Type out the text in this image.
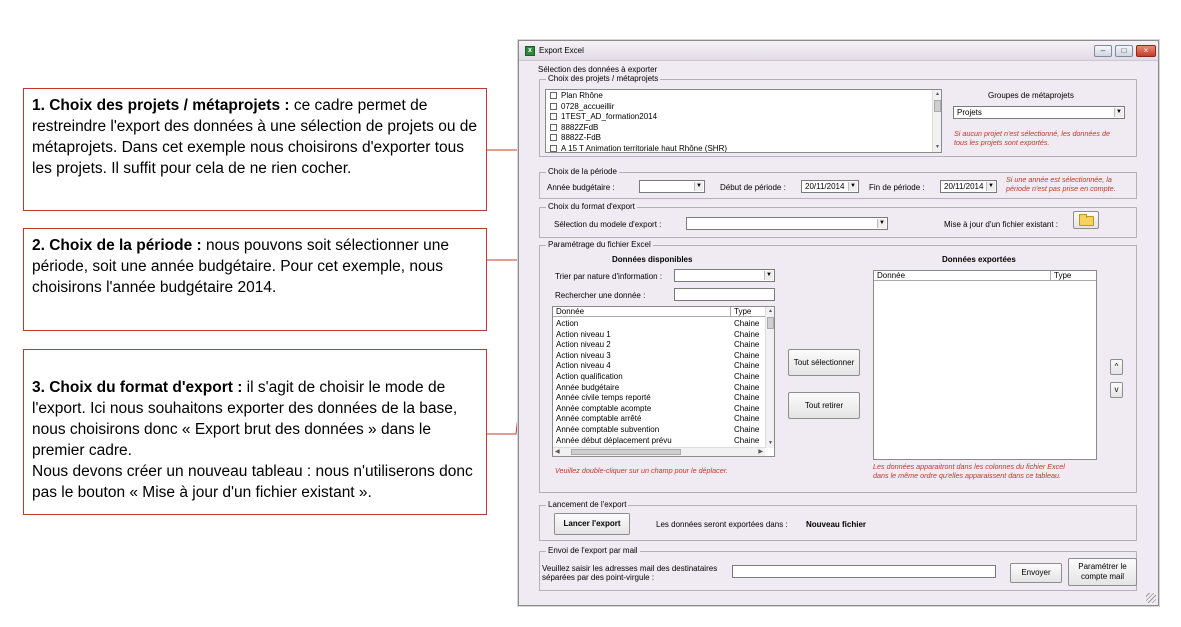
1. Choix des projets / métaprojets : ce cadre permet de restreindre l'export des données à une sélection de projets ou de métaprojets. Dans cet exemple nous choisirons d'exporter tous les projets. Il suffit pour cela de ne rien cocher.
2. Choix de la période : nous pouvons soit sélectionner une période, soit une année budgétaire. Pour cet exemple, nous choisirons l'année budgétaire 2014.

3. Choix du format d'export : il s'agit de choisir le mode de l'export. Ici nous souhaitons exporter des données de la base, nous choisirons donc « Export brut des données » dans le premier cadre.
Nous devons créer un nouveau tableau : nous n'utiliserons donc pas le bouton « Mise à jour d'un fichier existant ».

x Export Excel	–	□	×
Sélection des données à exporter
Choix des projets / métaprojets
Plan Rhône
0728_accueillir
1TEST_AD_formation2014
8882ZFdB
8882Z-FdB
A 15 T Animation territoriale haut Rhône (SHR)
▲
▼
Groupes de métaprojets
Projets	▼
Si aucun projet n'est sélectionné, les données de
tous les projets sont exportés.
Choix de la période
Année budgétaire :	▼ Début de période : 20/11/2014 ▼ Fin de période : 20/11/2014 ▼
Si une année est sélectionnée, la
période n'est pas prise en compte.
Choix du format d'export
Sélection du modele d'export :	▼	Mise à jour d'un fichier existant :
Paramétrage du fichier Excel
Données disponibles
Trier par nature d'information :	▼
Rechercher une donnée :
Donnée	Type
Action	Chaine
Action niveau 1	Chaine
Action niveau 2	Chaine
Action niveau 3	Chaine
Action niveau 4	Chaine
Action qualification	Chaine
Année budgétaire	Chaine
Année civile temps reporté	Chaine
Année comptable acompte	Chaine
Année comptable arrêté	Chaine
Année comptable subvention	Chaine
Année début déplacement prévu	Chaine
▲
▼
◀	▶
Tout sélectionner
Tout retirer
Données exportées
Donnée	Type
^
v
Veuillez double-cliquer sur un champ pour le déplacer.	Les données apparaitront dans les colonnes du fichier Excel
dans le même ordre qu'elles apparaissent dans ce tableau.
Lancement de l'export
Lancer l'export	Les données seront exportées dans : Nouveau fichier
Envoi de l'export par mail
Veuillez saisir les adresses mail des destinataires
séparées par des point-virgule :
Envoyer
Paramétrer le
compte mail
